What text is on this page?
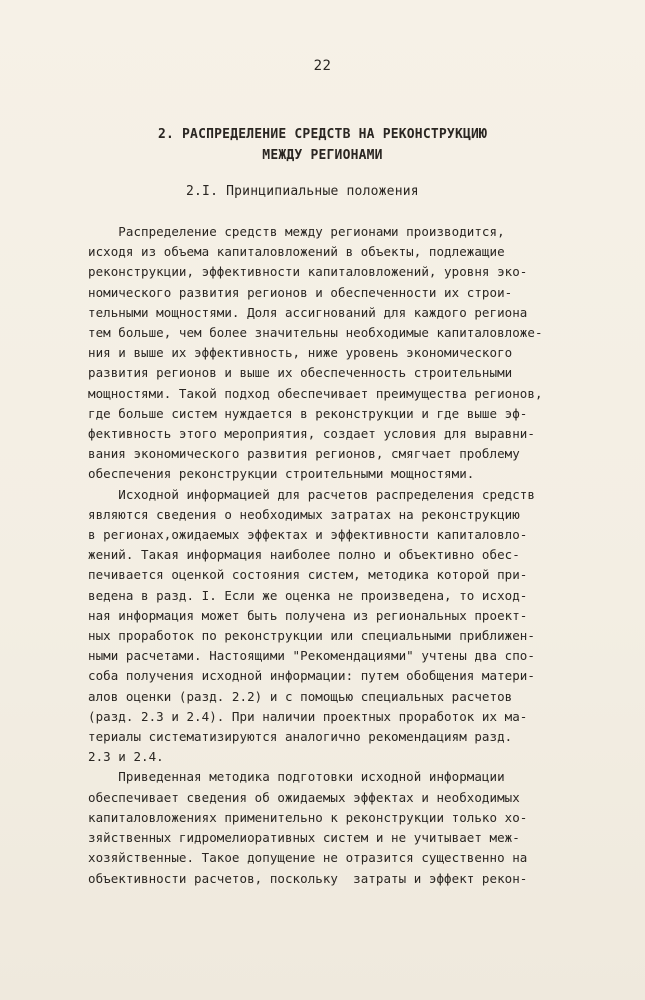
22
2. РАСПРЕДЕЛЕНИЕ СРЕДСТВ НА РЕКОНСТРУКЦИЮ
МЕЖДУ РЕГИОНАМИ
2.I. Принципиальные положения
Распределение средств между регионами производится,
исходя из объема капиталовложений в объекты, подлежащие
реконструкции, эффективности капиталовложений, уровня эко-
номического развития регионов и обеспеченности их строи-
тельными мощностями. Доля ассигнований для каждого региона
тем больше, чем более значительны необходимые капиталовложе-
ния и выше их эффективность, ниже уровень экономического
развития регионов и выше их обеспеченность строительными
мощностями. Такой подход обеспечивает преимущества регионов,
где больше систем нуждается в реконструкции и где выше эф-
фективность этого мероприятия, создает условия для выравни-
вания экономического развития регионов, смягчает проблему
обеспечения реконструкции строительными мощностями.
Исходной информацией для расчетов распределения средств
являются сведения о необходимых затратах на реконструкцию
в регионах,ожидаемых эффектах и эффективности капиталовло-
жений. Такая информация наиболее полно и объективно обес-
печивается оценкой состояния систем, методика которой при-
ведена в разд. I. Если же оценка не произведена, то исход-
ная информация может быть получена из региональных проект-
ных проработок по реконструкции или специальными приближен-
ными расчетами. Настоящими "Рекомендациями" учтены два спо-
соба получения исходной информации: путем обобщения матери-
алов оценки (разд. 2.2) и с помощью специальных расчетов
(разд. 2.3 и 2.4). При наличии проектных проработок их ма-
териалы систематизируются аналогично рекомендациям разд.
2.3 и 2.4.
Приведенная методика подготовки исходной информации
обеспечивает сведения об ожидаемых эффектах и необходимых
капиталовложениях применительно к реконструкции только хо-
зяйственных гидромелиоративных систем и не учитывает меж-
хозяйственные. Такое допущение не отразится существенно на
объективности расчетов, поскольку  затраты и эффект рекон-
